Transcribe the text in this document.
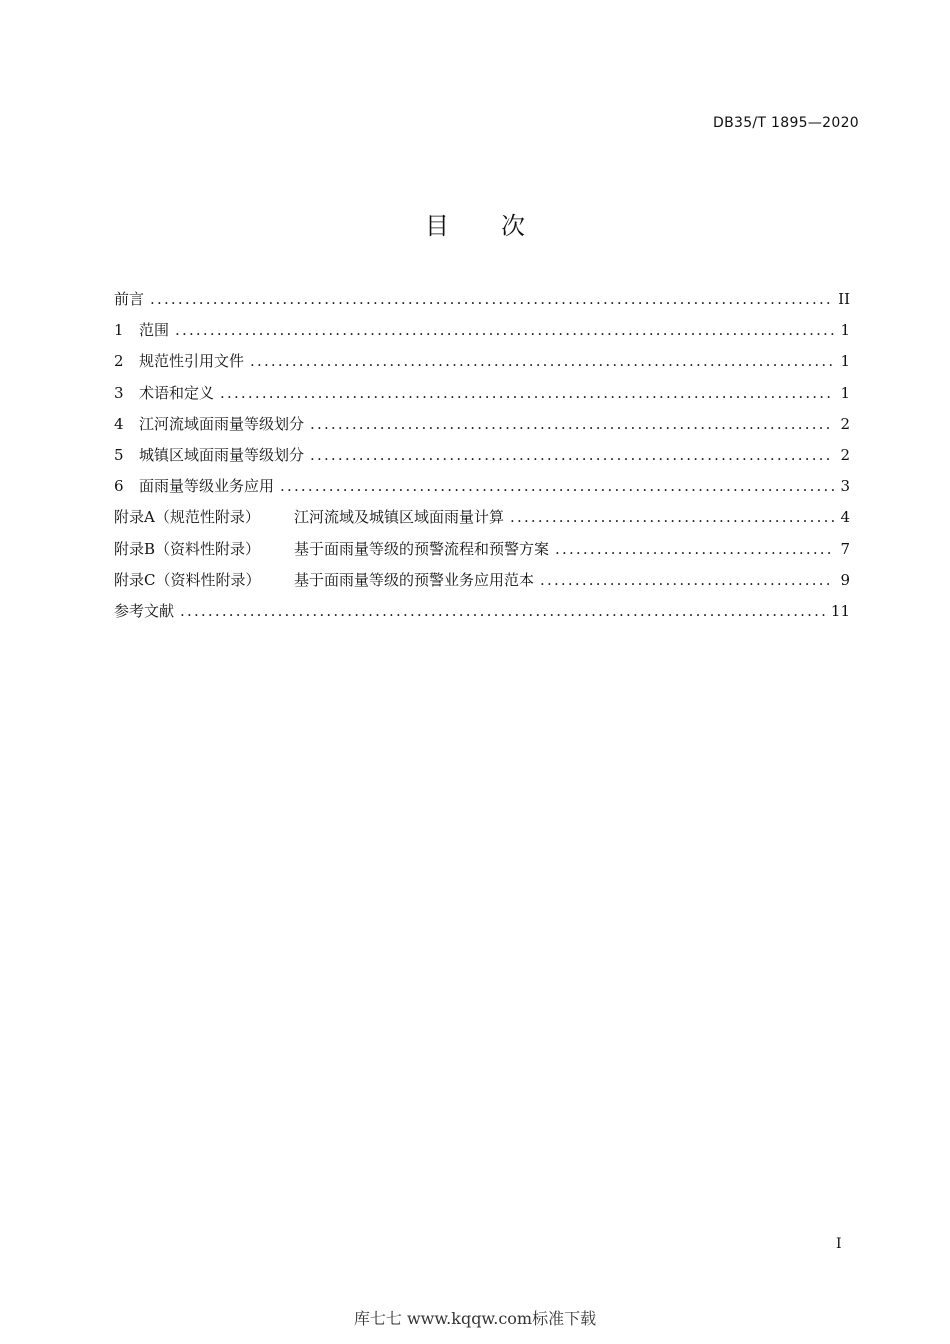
DB35/T 1895—2020
目 次
前言 .....	II
1	范围 .....	1
2	规范性引用文件 .....	1
3	术语和定义 .....	1
4	江河流域面雨量等级划分 .....	2
5	城镇区域面雨量等级划分 .....	2
6	面雨量等级业务应用 .....	3
附录A（规范性附录）	江河流域及城镇区域面雨量计算 .....	4
附录B（资料性附录）	基于面雨量等级的预警流程和预警方案 .....	7
附录C（资料性附录）	基于面雨量等级的预警业务应用范本 .....	9
参考文献 .....	11
I
库七七 www.kqqw.com标准下载
